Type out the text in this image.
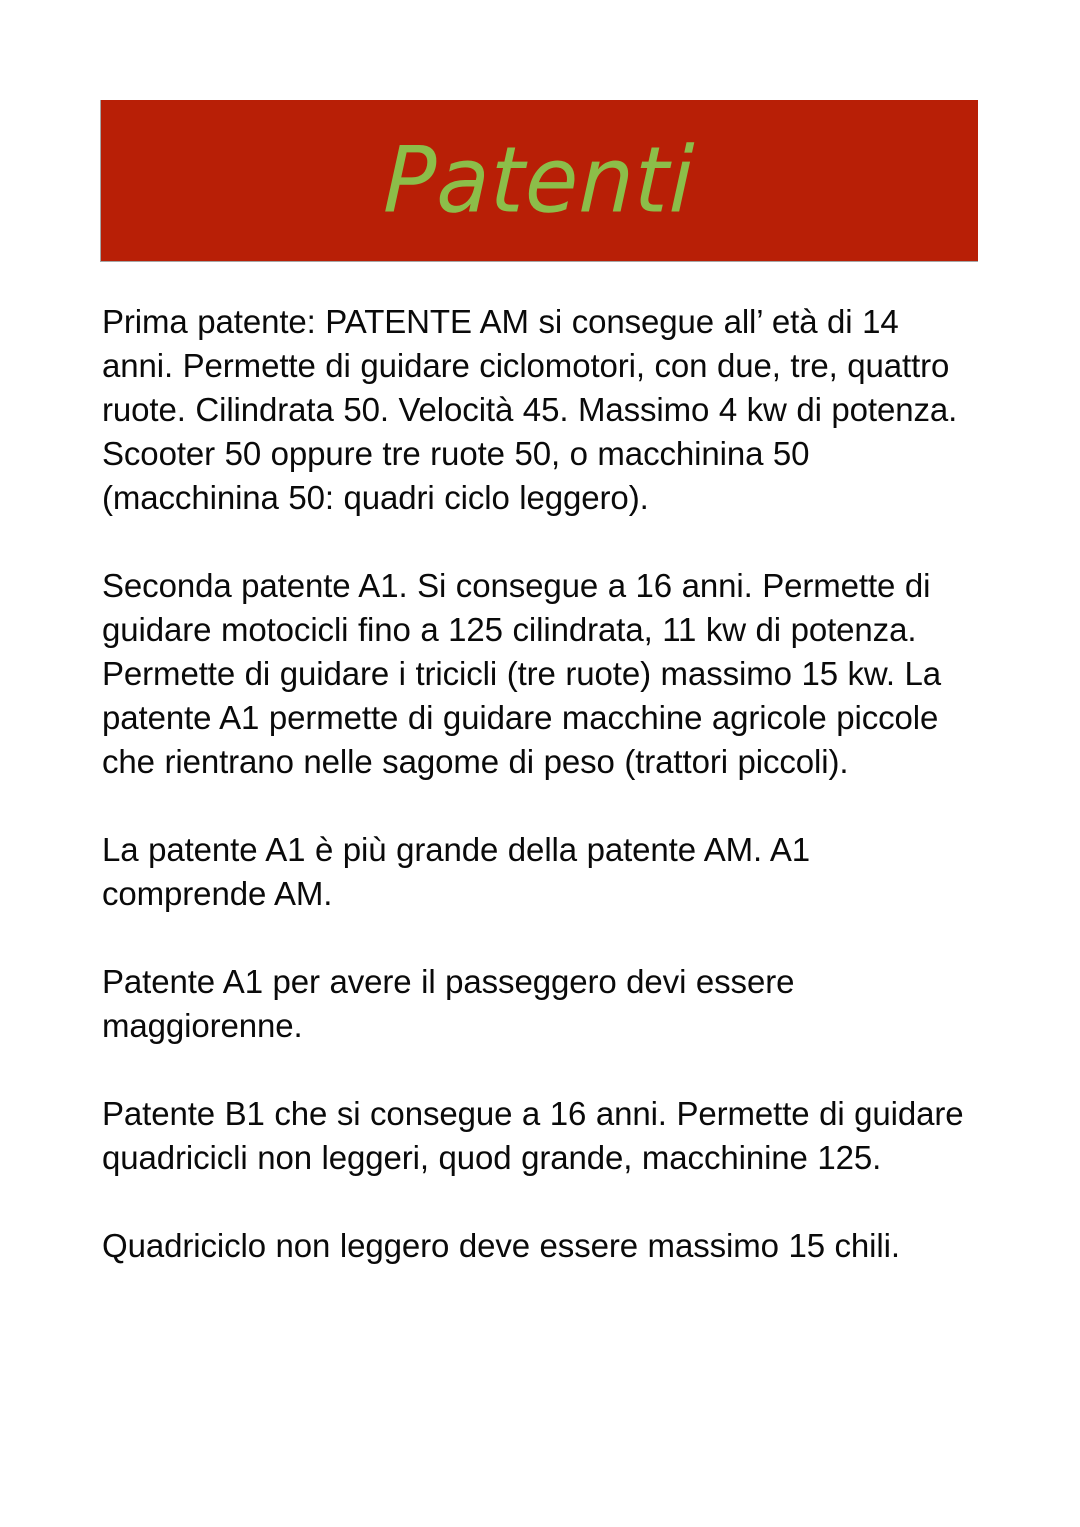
Patenti

Prima patente: PATENTE AM si consegue all’ età di 14 anni. Permette di guidare ciclomotori, con due, tre, quattro ruote. Cilindrata 50. Velocità 45. Massimo 4 kw di potenza. Scooter 50 oppure tre ruote 50, o macchinina 50 (macchinina 50: quadri ciclo leggero).

Seconda patente A1. Si consegue a 16 anni. Permette di guidare motocicli fino a 125 cilindrata, 11 kw di potenza. Permette di guidare i tricicli (tre ruote) massimo 15 kw. La patente A1 permette di guidare macchine agricole piccole che rientrano nelle sagome di peso (trattori piccoli).

La patente A1 è più grande della patente AM. A1 comprende AM.

Patente A1 per avere il passeggero devi essere maggiorenne.

Patente B1 che si consegue a 16 anni. Permette di guidare quadricicli non leggeri, quod grande, macchinine 125.

Quadriciclo non leggero deve essere massimo 15 chili.
